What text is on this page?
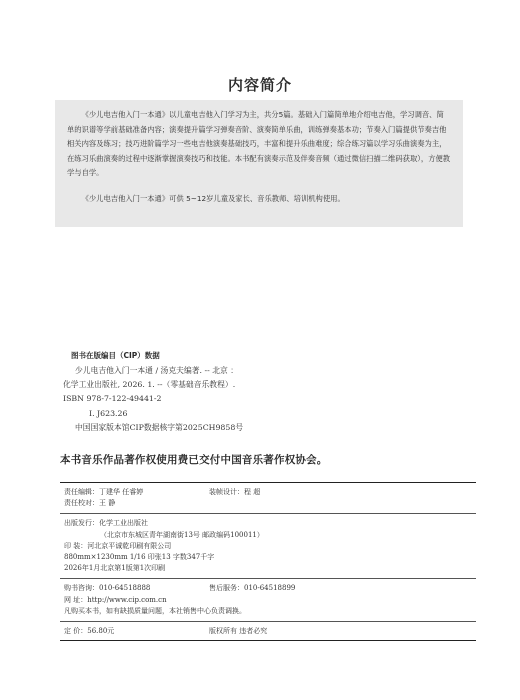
内容简介

《少儿电吉他入门一本通》以儿童电吉他入门学习为主，共分5篇。基础入门篇简单地介绍电吉他，学习调音、简单的识谱等学前基础准备内容；演奏提升篇学习弹奏音阶、演奏简单乐曲，训练弹奏基本功；节奏入门篇提供节奏吉他相关内容及练习；技巧进阶篇学习一些电吉他演奏基础技巧，丰富和提升乐曲难度；综合练习篇以学习乐曲演奏为主，在练习乐曲演奏的过程中逐渐掌握演奏技巧和技能。本书配有演奏示范及伴奏音频（通过微信扫描二维码获取），方便教学与自学。

《少儿电吉他入门一本通》可供 5~12岁儿童及家长、音乐教师、培训机构使用。

图书在版编目（CIP）数据
少儿电吉他入门一本通 / 汤克夫编著. -- 北京 ：
化学工业出版社, 2026. 1. --（零基础音乐教程）.
ISBN 978-7-122-49441-2
Ⅰ. J623.26
中国国家版本馆CIP数据核字第2025CH9858号
本书音乐作品著作权使用费已交付中国音乐著作权协会。
责任编辑：丁建华 任睿婷	装帧设计：程 超
责任校对：王 静
出版发行：化学工业出版社
（北京市东城区青年湖南街13号 邮政编码100011）
印 装：河北京平诚乾印刷有限公司
880mm×1230mm 1/16 印张13 字数347千字
2026年1月北京第1版第1次印刷
购书咨询：010-64518888	售后服务：010-64518899
网 址：http://www.cip.com.cn
凡购买本书，如有缺损质量问题，本社销售中心负责调换。
定 价：56.80元	版权所有 违者必究
